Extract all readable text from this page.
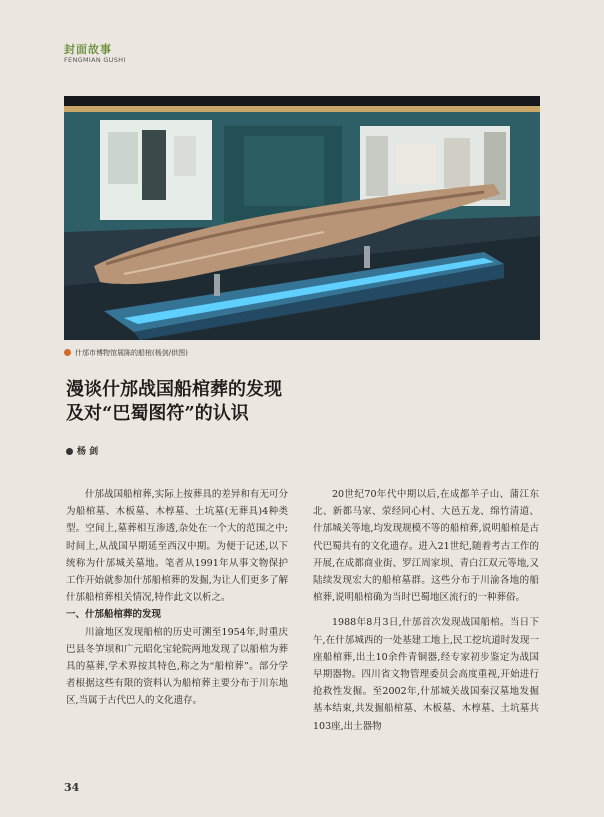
封面故事
FENGMIAN GUSHI
什邡市博物馆展陈的船棺(杨剑/供图)
漫谈什邡战国船棺葬的发现
及对“巴蜀图符”的认识
杨 剑

什邡战国船棺葬,实际上按葬具的差异和有无可分为船棺墓、木板墓、木椁墓、土坑墓(无葬具)4种类型。空间上,墓葬相互渗透,杂处在一个大的范围之中;时间上,从战国早期延至西汉中期。为便于记述,以下统称为什邡城关墓地。笔者从1991年从事文物保护工作开始就参加什邡船棺葬的发掘,为让人们更多了解什邡船棺葬相关情况,特作此文以析之。

一、什邡船棺葬的发现

川渝地区发现船棺的历史可溯至1954年,时重庆巴县冬笋坝和广元昭化宝轮院两地发现了以船棺为葬具的墓葬,学术界按其特色,称之为“船棺葬”。部分学者根据这些有限的资料认为船棺葬主要分布于川东地区,当属于古代巴人的文化遗存。

20世纪70年代中期以后,在成都羊子山、蒲江东北、新都马家、荥经同心村、大邑五龙、绵竹清道、什邡城关等地,均发现规模不等的船棺葬,说明船棺是古代巴蜀共有的文化遗存。进入21世纪,随着考古工作的开展,在成都商业街、罗江周家坝、青白江双元等地,又陆续发现宏大的船棺墓群。这些分布于川渝各地的船棺葬,说明船棺确为当时巴蜀地区流行的一种葬俗。

1988年8月3日,什邡首次发现战国船棺。当日下午,在什邡城西的一处基建工地上,民工挖坑道时发现一座船棺葬,出土10余件青铜器,经专家初步鉴定为战国早期器物。四川省文物管理委员会高度重视,开始进行抢救性发掘。至2002年,什邡城关战国秦汉墓地发掘基本结束,共发掘船棺墓、木板墓、木椁墓、土坑墓共103座,出土器物

34
